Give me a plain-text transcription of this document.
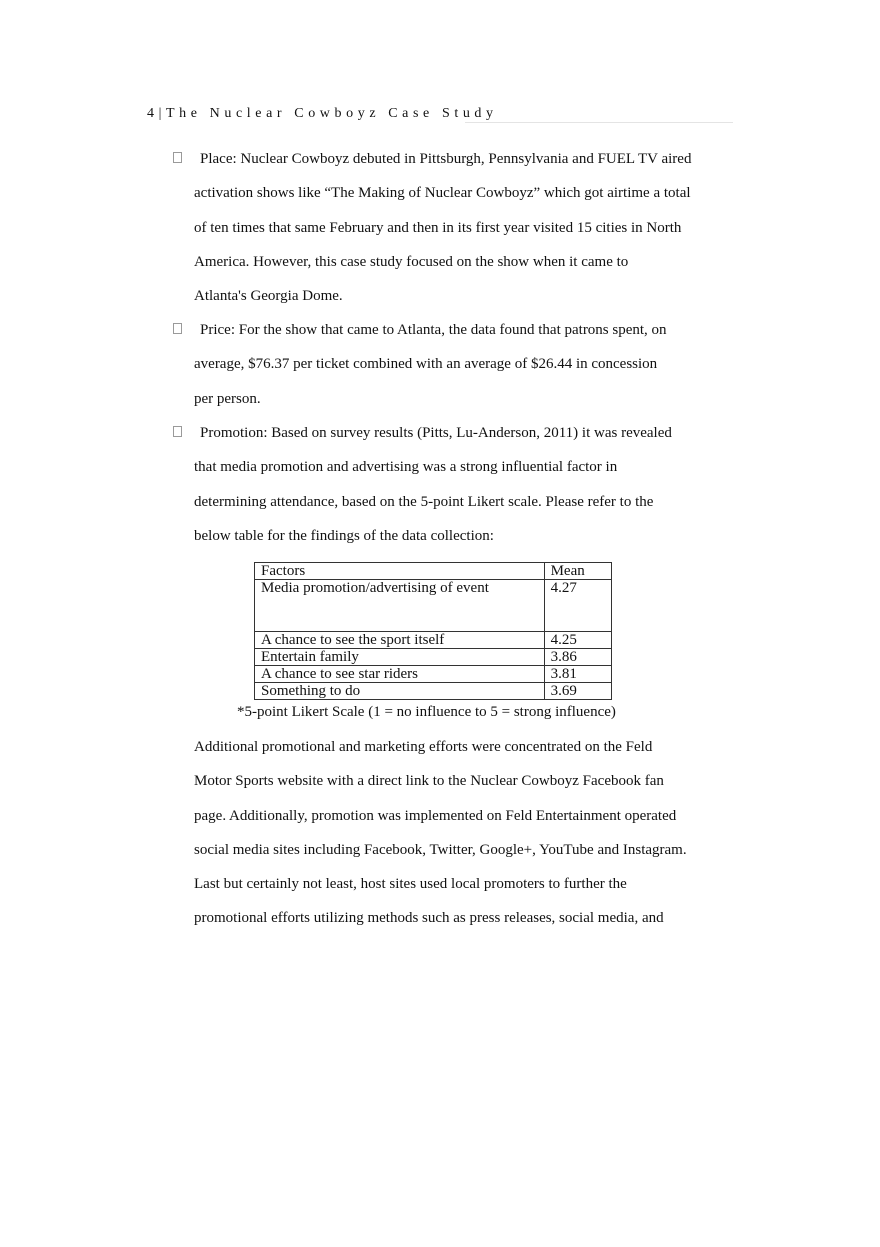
4|The Nuclear Cowboyz Case Study
Place: Nuclear Cowboyz debuted in Pittsburgh, Pennsylvania and FUEL TV aired
activation shows like “The Making of Nuclear Cowboyz” which got airtime a total
of ten times that same February and then in its first year visited 15 cities in North
America. However, this case study focused on the show when it came to
Atlanta's Georgia Dome.
Price: For the show that came to Atlanta, the data found that patrons spent, on
average, $76.37 per ticket combined with an average of $26.44 in concession
per person.
Promotion: Based on survey results (Pitts, Lu-Anderson, 2011) it was revealed
that media promotion and advertising was a strong influential factor in
determining attendance, based on the 5-point Likert scale. Please refer to the
below table for the findings of the data collection:
Factors	Mean
Media promotion/advertising of event	4.27
A chance to see the sport itself	4.25
Entertain family	3.86
A chance to see star riders	3.81
Something to do	3.69
*5-point Likert Scale (1 = no influence to 5 = strong influence)
Additional promotional and marketing efforts were concentrated on the Feld
Motor Sports website with a direct link to the Nuclear Cowboyz Facebook fan
page. Additionally, promotion was implemented on Feld Entertainment operated
social media sites including Facebook, Twitter, Google+, YouTube and Instagram.
Last but certainly not least, host sites used local promoters to further the
promotional efforts utilizing methods such as press releases, social media, and
